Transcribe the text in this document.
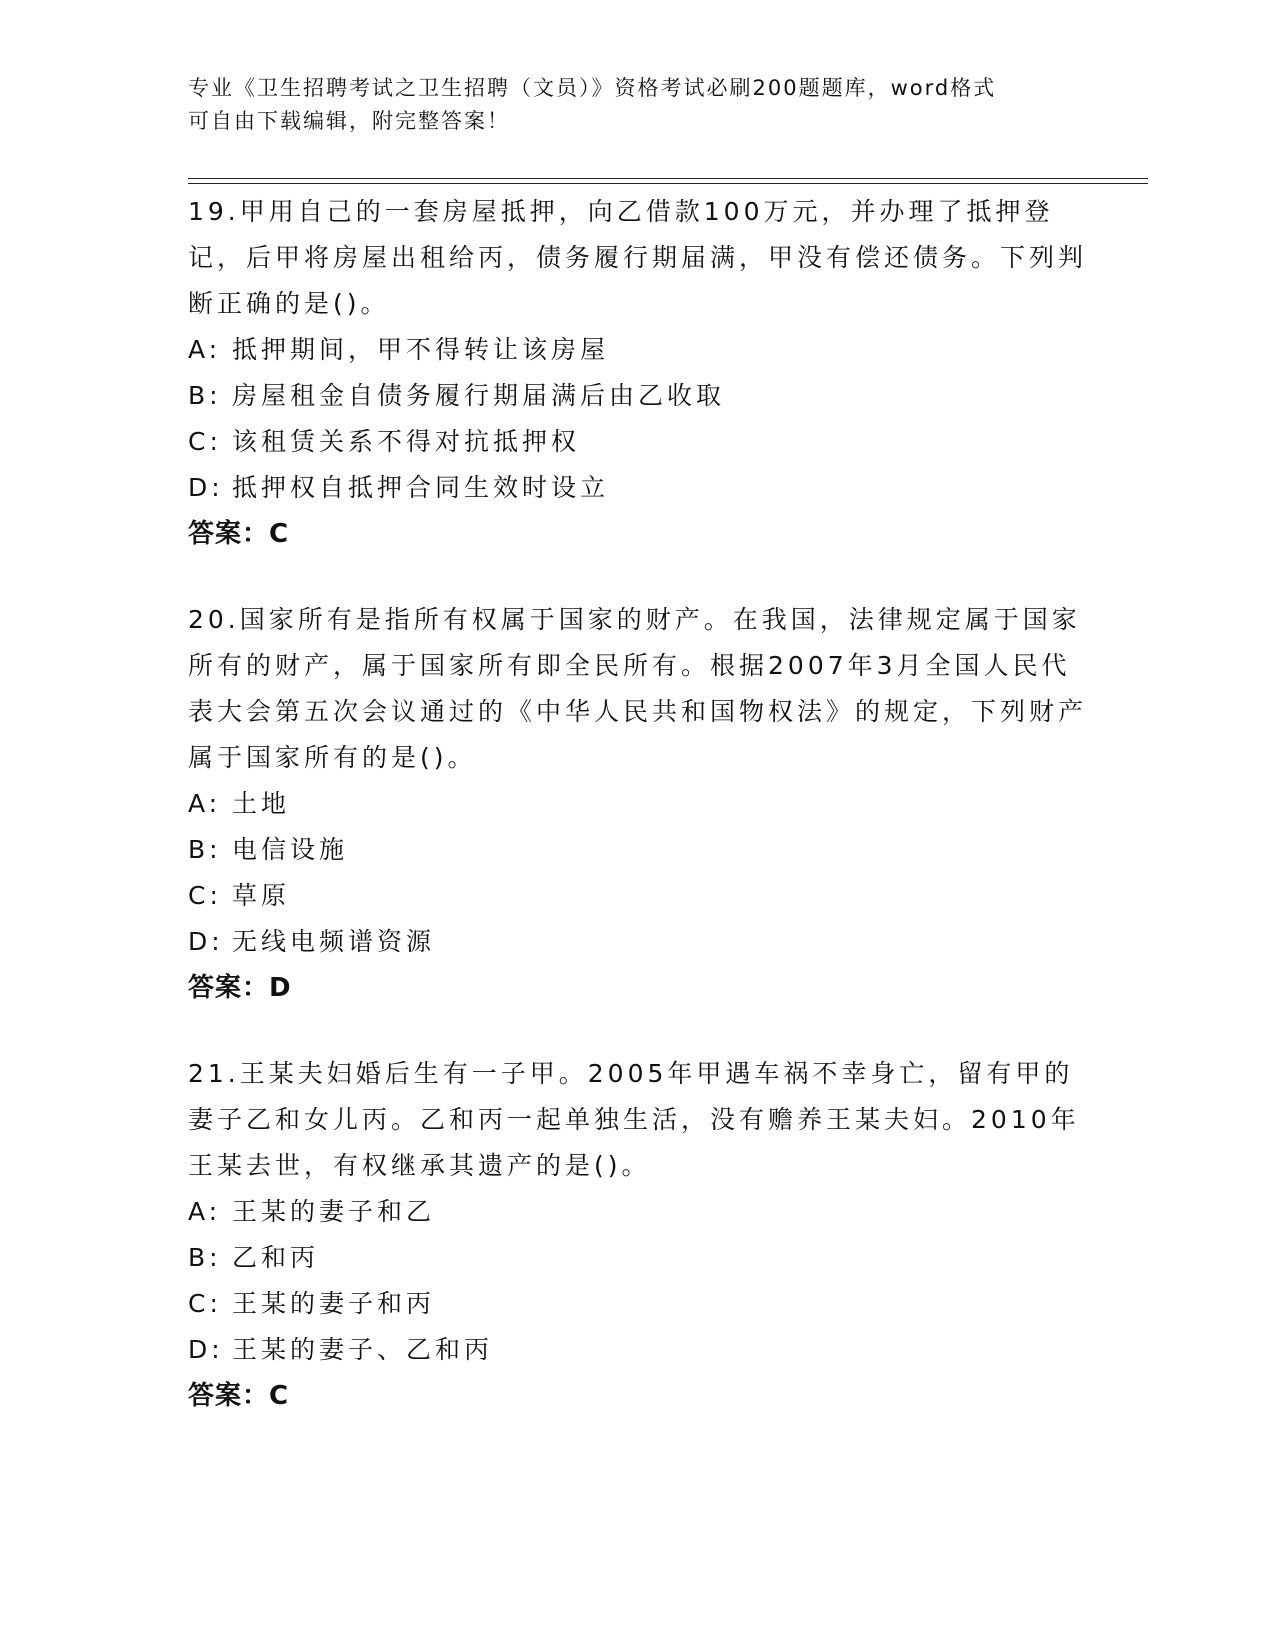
专业《卫生招聘考试之卫生招聘（文员）》资格考试必刷200题题库，word格式
可自由下载编辑，附完整答案！

19.甲用自己的一套房屋抵押，向乙借款100万元，并办理了抵押登记，后甲将房屋出租给丙，债务履行期届满，甲没有偿还债务。下列判断正确的是()。

A: 抵押期间，甲不得转让该房屋
B: 房屋租金自债务履行期届满后由乙收取
C: 该租赁关系不得对抗抵押权
D: 抵押权自抵押合同生效时设立
答案：C

20.国家所有是指所有权属于国家的财产。在我国，法律规定属于国家所有的财产，属于国家所有即全民所有。根据2007年3月全国人民代表大会第五次会议通过的《中华人民共和国物权法》的规定，下列财产属于国家所有的是()。

A: 土地
B: 电信设施
C: 草原
D: 无线电频谱资源
答案：D

21.王某夫妇婚后生有一子甲。2005年甲遇车祸不幸身亡，留有甲的妻子乙和女儿丙。乙和丙一起单独生活，没有赡养王某夫妇。2010年王某去世，有权继承其遗产的是()。

A: 王某的妻子和乙
B: 乙和丙
C: 王某的妻子和丙
D: 王某的妻子、乙和丙
答案：C
